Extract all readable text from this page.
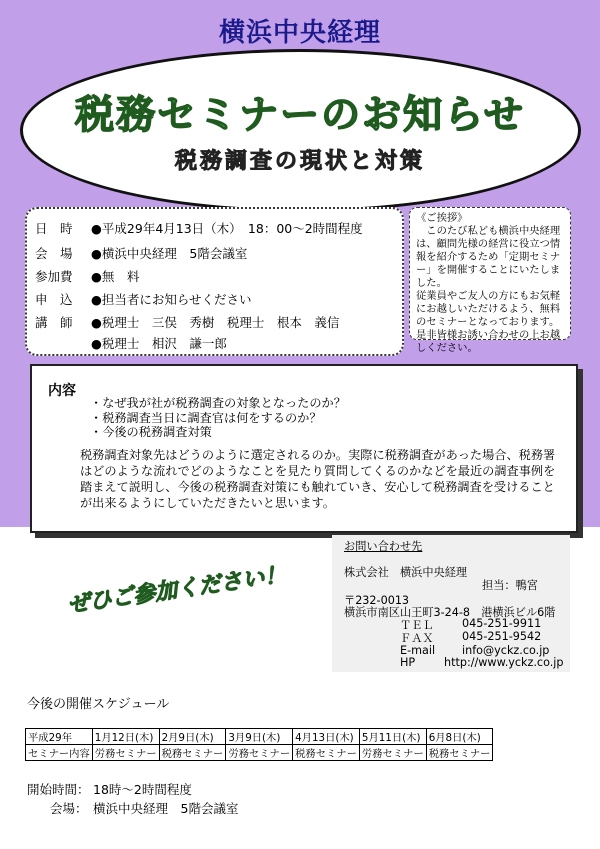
横浜中央経理
税務セミナーのお知らせ
税務調査の現状と対策
日　時 ●平成29年4月13日（木）　18：00～2時間程度
会　場 ●横浜中央経理　5階会議室
参加費 ●無　料
申　込 ●担当者にお知らせください
講　師 ●税理士　三俣　秀樹　税理士　根本　義信
●税理士　相沢　謙一郎
《ご挨拶》
　このたび私ども横浜中央経理は、顧問先様の経営に役立つ情報を紹介するため「定期セミナー」を開催することにいたしました。
従業員やご友人の方にもお気軽にお越しいただけるよう、無料のセミナーとなっております。是非皆様お誘い合わせの上お越しください。
内容
・ なぜ我が社が税務調査の対象となったのか？
・ 税務調査当日に調査官は何をするのか？
・ 今後の税務調査対策
税務調査対象先はどうのように選定されるのか。実際に税務調査があった場合、税務署はどのような流れでどのようなことを見たり質問してくるのかなどを最近の調査事例を踏まえて説明し、今後の税務調査対策にも触れていき、安心して税務調査を受けることが出来るようにしていただきたいと思います。
ぜひご参加ください！
お問い合わせ先
株式会社　横浜中央経理
担当：鴨宮
〒232-0013
横浜市南区山王町3-24-8　港横浜ビル6階
ＴＥＬ	045-251-9911
ＦＡＸ	045-251-9542
E-mail info@yckz.co.jp
HP	http://www.yckz.co.jp
今後の開催スケジュール
平成29年	1月12日(木)	2月9日(木)	3月9日(木)	4月13日(木)	5月11日(木)	6月8日(木)
セミナー内容	労務セミナー	税務セミナー	労務セミナー	税務セミナー	労務セミナー	税務セミナー
開始時間： 18時～2時間程度
会場： 横浜中央経理　5階会議室
